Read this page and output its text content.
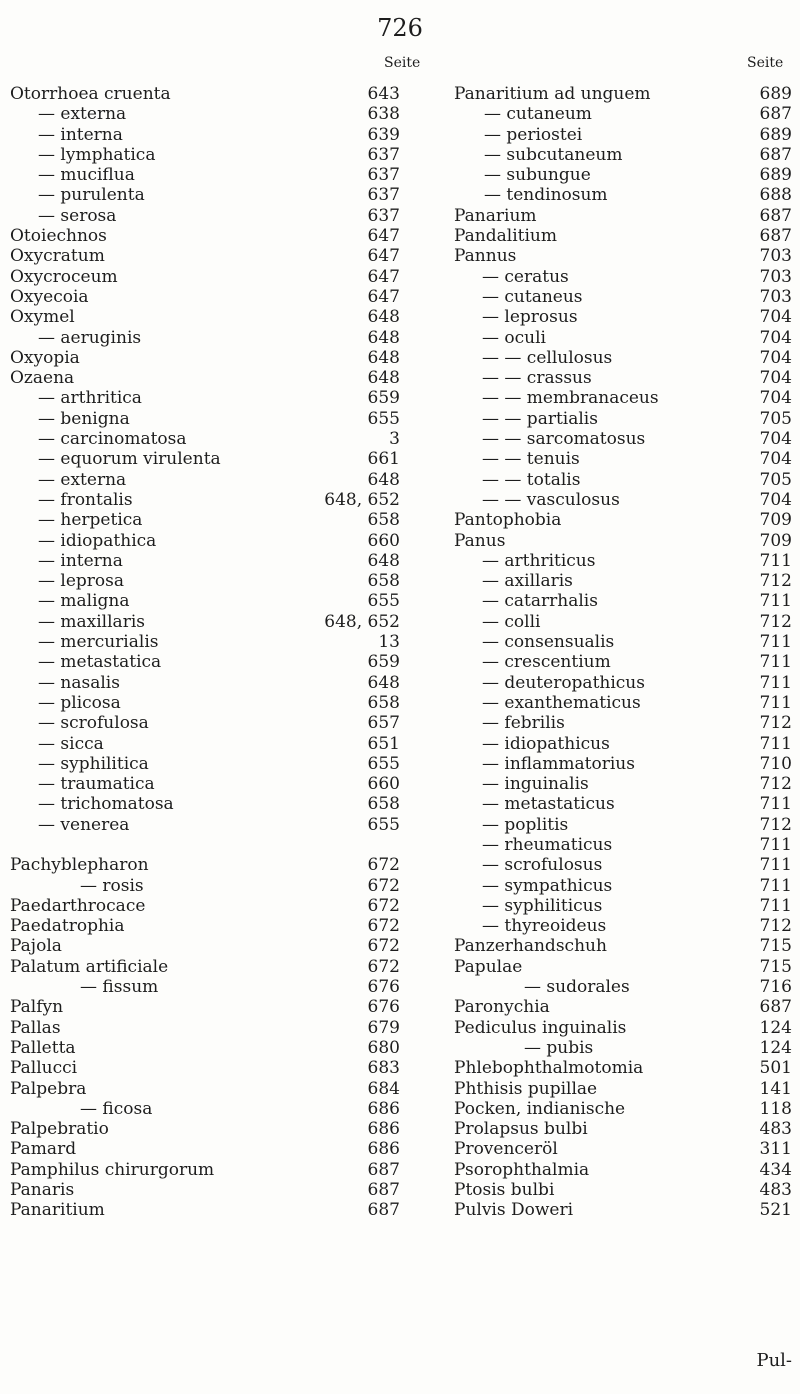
726
Seite
Otorrhoea cruenta	643
— externa	638
— interna	639
— lymphatica	637
— muciflua	637
— purulenta	637
— serosa	637
Otoiechnos	647
Oxycratum	647
Oxycroceum	647
Oxyecoia	647
Oxymel	648
— aeruginis	648
Oxyopia	648
Ozaena	648
— arthritica	659
— benigna	655
— carcinomatosa	3
— equorum virulenta	661
— externa	648
— frontalis	648, 652
— herpetica	658
— idiopathica	660
— interna	648
— leprosa	658
— maligna	655
— maxillaris	648, 652
— mercurialis	13
— metastatica	659
— nasalis	648
— plicosa	658
— scrofulosa	657
— sicca	651
— syphilitica	655
— traumatica	660
— trichomatosa	658
— venerea	655
Pachyblepharon	672
— rosis	672
Paedarthrocace	672
Paedatrophia	672
Pajola	672
Palatum artificiale	672
— fissum	676
Palfyn	676
Pallas	679
Palletta	680
Pallucci	683
Palpebra	684
— ficosa	686
Palpebratio	686
Pamard	686
Pamphilus chirurgorum	687
Panaris	687
Panaritium	687
Seite
Panaritium ad unguem	689
— cutaneum	687
— periostei	689
— subcutaneum	687
— subungue	689
— tendinosum	688
Panarium	687
Pandalitium	687
Pannus	703
— ceratus	703
— cutaneus	703
— leprosus	704
— oculi	704
— — cellulosus	704
— — crassus	704
— — membranaceus	704
— — partialis	705
— — sarcomatosus	704
— — tenuis	704
— — totalis	705
— — vasculosus	704
Pantophobia	709
Panus	709
— arthriticus	711
— axillaris	712
— catarrhalis	711
— colli	712
— consensualis	711
— crescentium	711
— deuteropathicus	711
— exanthematicus	711
— febrilis	712
— idiopathicus	711
— inflammatorius	710
— inguinalis	712
— metastaticus	711
— poplitis	712
— rheumaticus	711
— scrofulosus	711
— sympathicus	711
— syphiliticus	711
— thyreoideus	712
Panzerhandschuh	715
Papulae	715
— sudorales	716
Paronychia	687
Pediculus inguinalis	124
— pubis	124
Phlebophthalmotomia	501
Phthisis pupillae	141
Pocken, indianische	118
Prolapsus bulbi	483
Provenceröl	311
Psorophthalmia	434
Ptosis bulbi	483
Pulvis Doweri	521
Pul-
